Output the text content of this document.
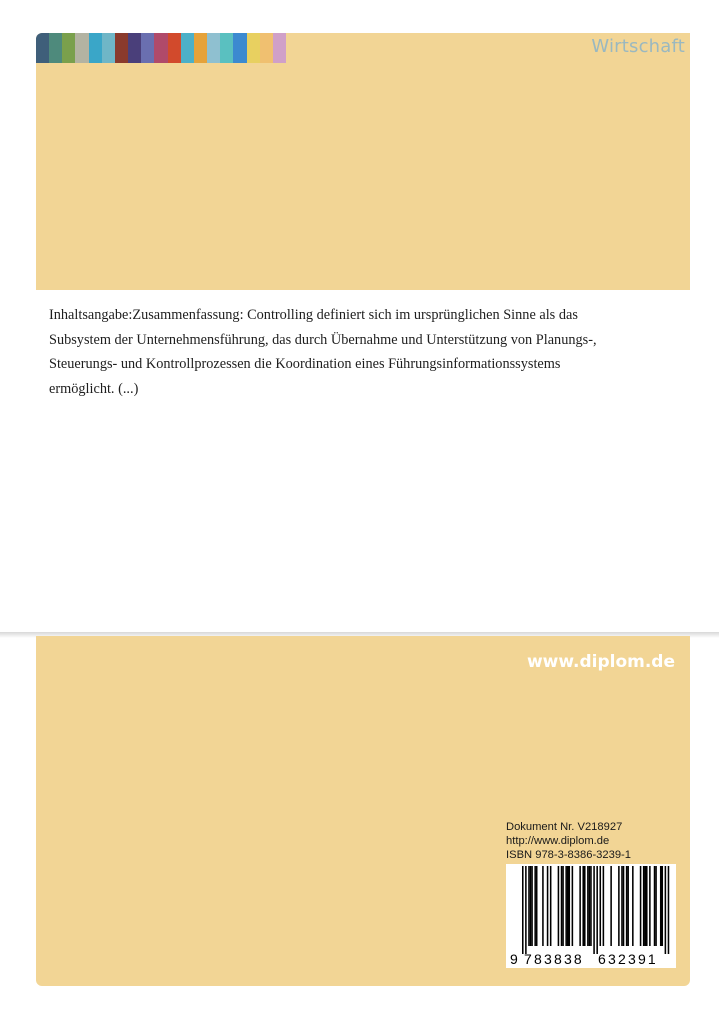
Wirtschaft

Inhaltsangabe:Zusammenfassung: Controlling definiert sich im ursprünglichen Sinne als das Subsystem der Unternehmensführung, das durch Übernahme und Unterstützung von Planungs-, Steuerungs- und Kontrollprozessen die Koordination eines Führungsinformationssystems ermöglicht. (...)

www.diplom.de
Dokument Nr. V218927
http://www.diplom.de
ISBN 978-3-8386-3239-1
9 783838 632391
